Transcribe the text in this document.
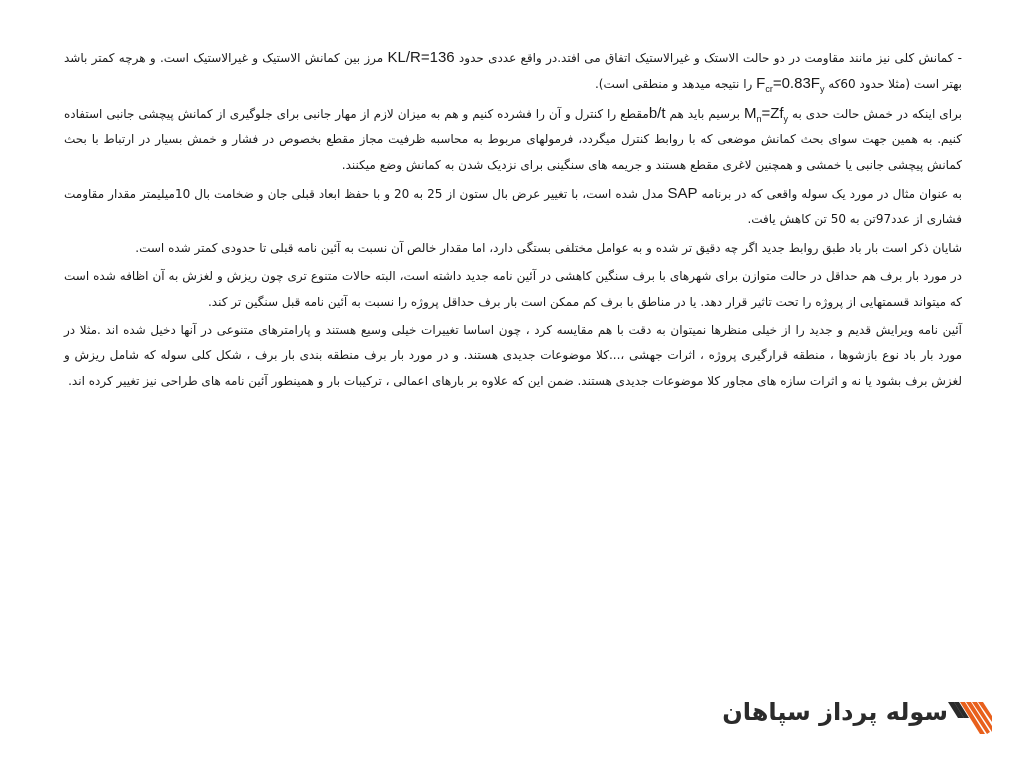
- کمانش کلی نیز مانند مقاومت در دو حالت الاستک و غیرالاستیک اتفاق می افتد.در واقع عددی حدود KL/R=136 مرز بین کمانش الاستیک و غیرالاستیک است. و هرچه کمتر باشد بهتر است (مثلا حدود 60که $F_{cr}=0.83F_y$ را نتیجه میدهد و منطقی است).

برای اینکه در خمش حالت حدی به $M_n=Zf_y$ برسیم باید هم b/tمقطع را کنترل و آن را فشرده کنیم و هم به میزان لازم از مهار جانبی برای جلوگیری از کمانش پیچشی جانبی استفاده کنیم. به همین جهت سوای بحث کمانش موضعی که با روابط کنترل میگردد، فرمولهای مربوط به محاسبه ظرفیت مجاز مقطع بخصوص در فشار و خمش بسیار در ارتباط با بحث کمانش پیچشی جانبی یا خمشی و همچنین لاغری مقطع هستند و جریمه های سنگینی برای نزدیک شدن به کمانش وضع میکنند.

به عنوان مثال در مورد یک سوله واقعی که در برنامه SAP مدل شده است، با تغییر عرض بال ستون از 25 به 20 و با حفظ ابعاد قبلی جان و ضخامت بال 10میلیمتر مقدار مقاومت فشاری از عدد97تن به 50 تن کاهش یافت.

شایان ذکر است بار باد طبق روابط جدید اگر چه دقیق تر شده و به عوامل مختلفی بستگی دارد، اما مقدار خالص آن نسبت به آئین نامه قبلی تا حدودی کمتر شده است.

در مورد بار برف هم حداقل در حالت متوازن برای شهرهای با برف سنگین کاهشی در آئین نامه جدید داشته است، البته حالات متنوع تری چون ریزش و لغزش به آن اظافه شده است که میتواند قسمتهایی از پروژه را تحت تاثیر قرار دهد. یا در مناطق با برف کم ممکن است بار برف حداقل پروژه را نسبت به آئین نامه قبل سنگین تر کند.

آئین نامه ویرایش قدیم و جدید را از خیلی منظرها نمیتوان به دقت با هم مقایسه کرد ، چون اساسا تغییرات خیلی وسیع هستند و پارامترهای متنوعی در آنها دخیل شده اند .مثلا در مورد بار باد نوع بازشوها ، منطقه قرارگیری پروژه ، اثرات جهشی ،...کلا موضوعات جدیدی هستند. و در مورد بار برف منطقه بندی بار برف ، شکل کلی سوله که شامل ریزش و لغزش برف بشود یا نه و اثرات سازه های مجاور کلا موضوعات جدیدی هستند. ضمن این که علاوه بر بارهای اعمالی ، ترکیبات بار و همینطور آئین نامه های طراحی نیز تغییر کرده اند.

سوله پرداز سپاهان
